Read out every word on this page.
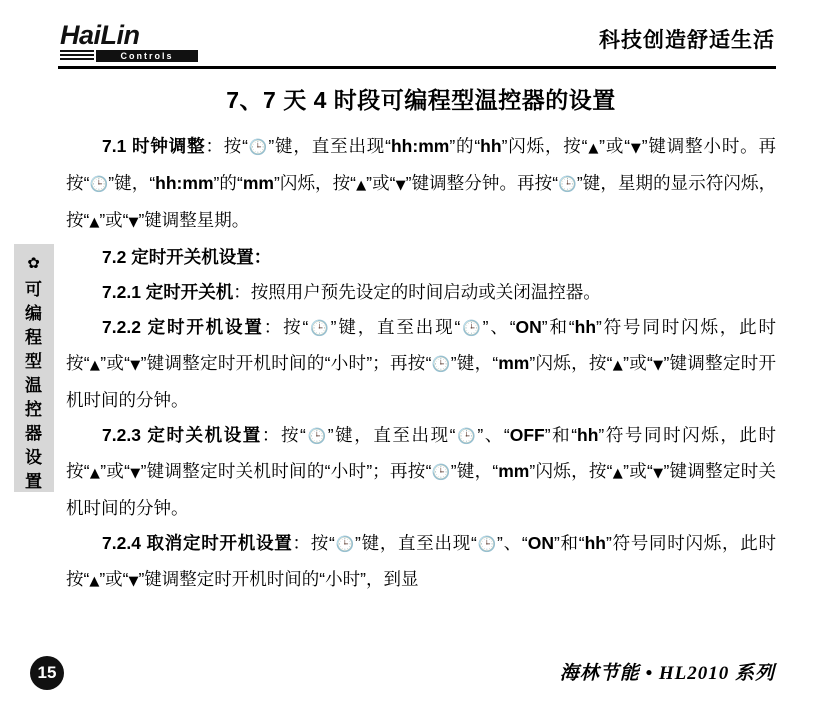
HaiLin
Controls
科技创造舒适生活
✿
可编程型温控器设置
7、7 天 4 时段可编程型温控器的设置

7.1 时钟调整：按“🕒”键，直至出现“hh:mm”的“hh”闪烁，按“▲”或“▼”键调整小时。再按“🕒”键，“hh:mm”的“mm”闪烁，按“▲”或“▼”键调整分钟。再按“🕒”键，星期的显示符闪烁，按“▲”或“▼”键调整星期。

7.2 定时开关机设置：

7.2.1 定时开关机：按照用户预先设定的时间启动或关闭温控器。

7.2.2 定时开机设置：按“🕒”键，直至出现“🕒”、“ON”和“hh”符号同时闪烁，此时按“▲”或“▼”键调整定时开机时间的“小时”；再按“🕒”键，“mm”闪烁，按“▲”或“▼”键调整定时开机时间的分钟。

7.2.3 定时关机设置：按“🕒”键，直至出现“🕒”、“OFF”和“hh”符号同时闪烁，此时按“▲”或“▼”键调整定时关机时间的“小时”；再按“🕒”键，“mm”闪烁，按“▲”或“▼”键调整定时关机时间的分钟。

7.2.4 取消定时开机设置：按“🕒”键，直至出现“🕒”、“ON”和“hh”符号同时闪烁，此时按“▲”或“▼”键调整定时开机时间的“小时”，到显

15	海林节能 • HL2010 系列
